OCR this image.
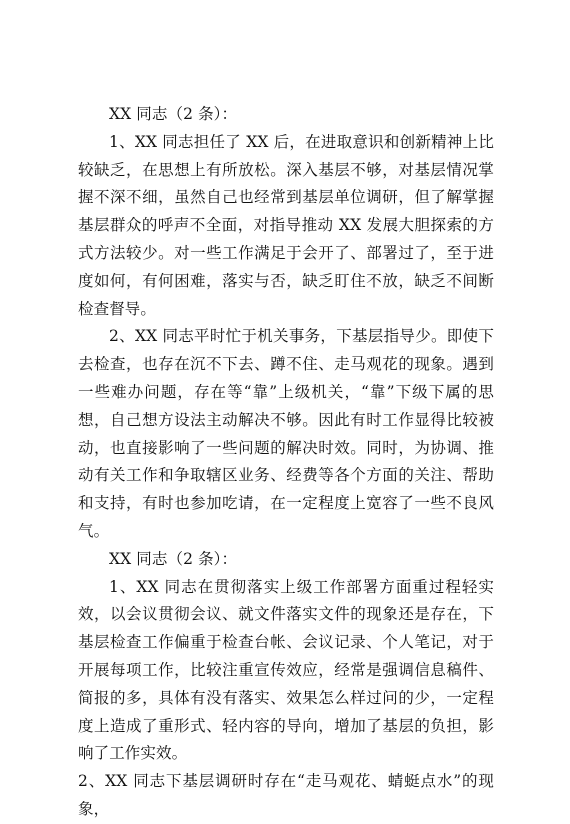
XX 同志（2 条）：

1、XX 同志担任了 XX 后，在进取意识和创新精神上比较缺乏，在思想上有所放松。深入基层不够，对基层情况掌握不深不细，虽然自己也经常到基层单位调研，但了解掌握基层群众的呼声不全面，对指导推动 XX 发展大胆探索的方式方法较少。对一些工作满足于会开了、部署过了，至于进度如何，有何困难，落实与否，缺乏盯住不放，缺乏不间断检查督导。

2、XX 同志平时忙于机关事务，下基层指导少。即使下去检查，也存在沉不下去、蹲不住、走马观花的现象。遇到一些难办问题，存在等“靠”上级机关，“靠”下级下属的思想，自己想方设法主动解决不够。因此有时工作显得比较被动，也直接影响了一些问题的解决时效。同时，为协调、推动有关工作和争取辖区业务、经费等各个方面的关注、帮助和支持，有时也参加吃请，在一定程度上宽容了一些不良风气。

XX 同志（2 条）：

1、XX 同志在贯彻落实上级工作部署方面重过程轻实效，以会议贯彻会议、就文件落实文件的现象还是存在，下基层检查工作偏重于检查台帐、会议记录、个人笔记，对于开展每项工作，比较注重宣传效应，经常是强调信息稿件、简报的多，具体有没有落实、效果怎么样过问的少，一定程度上造成了重形式、轻内容的导向，增加了基层的负担，影响了工作实效。

2、XX 同志下基层调研时存在“走马观花、蜻蜓点水”的现象，
